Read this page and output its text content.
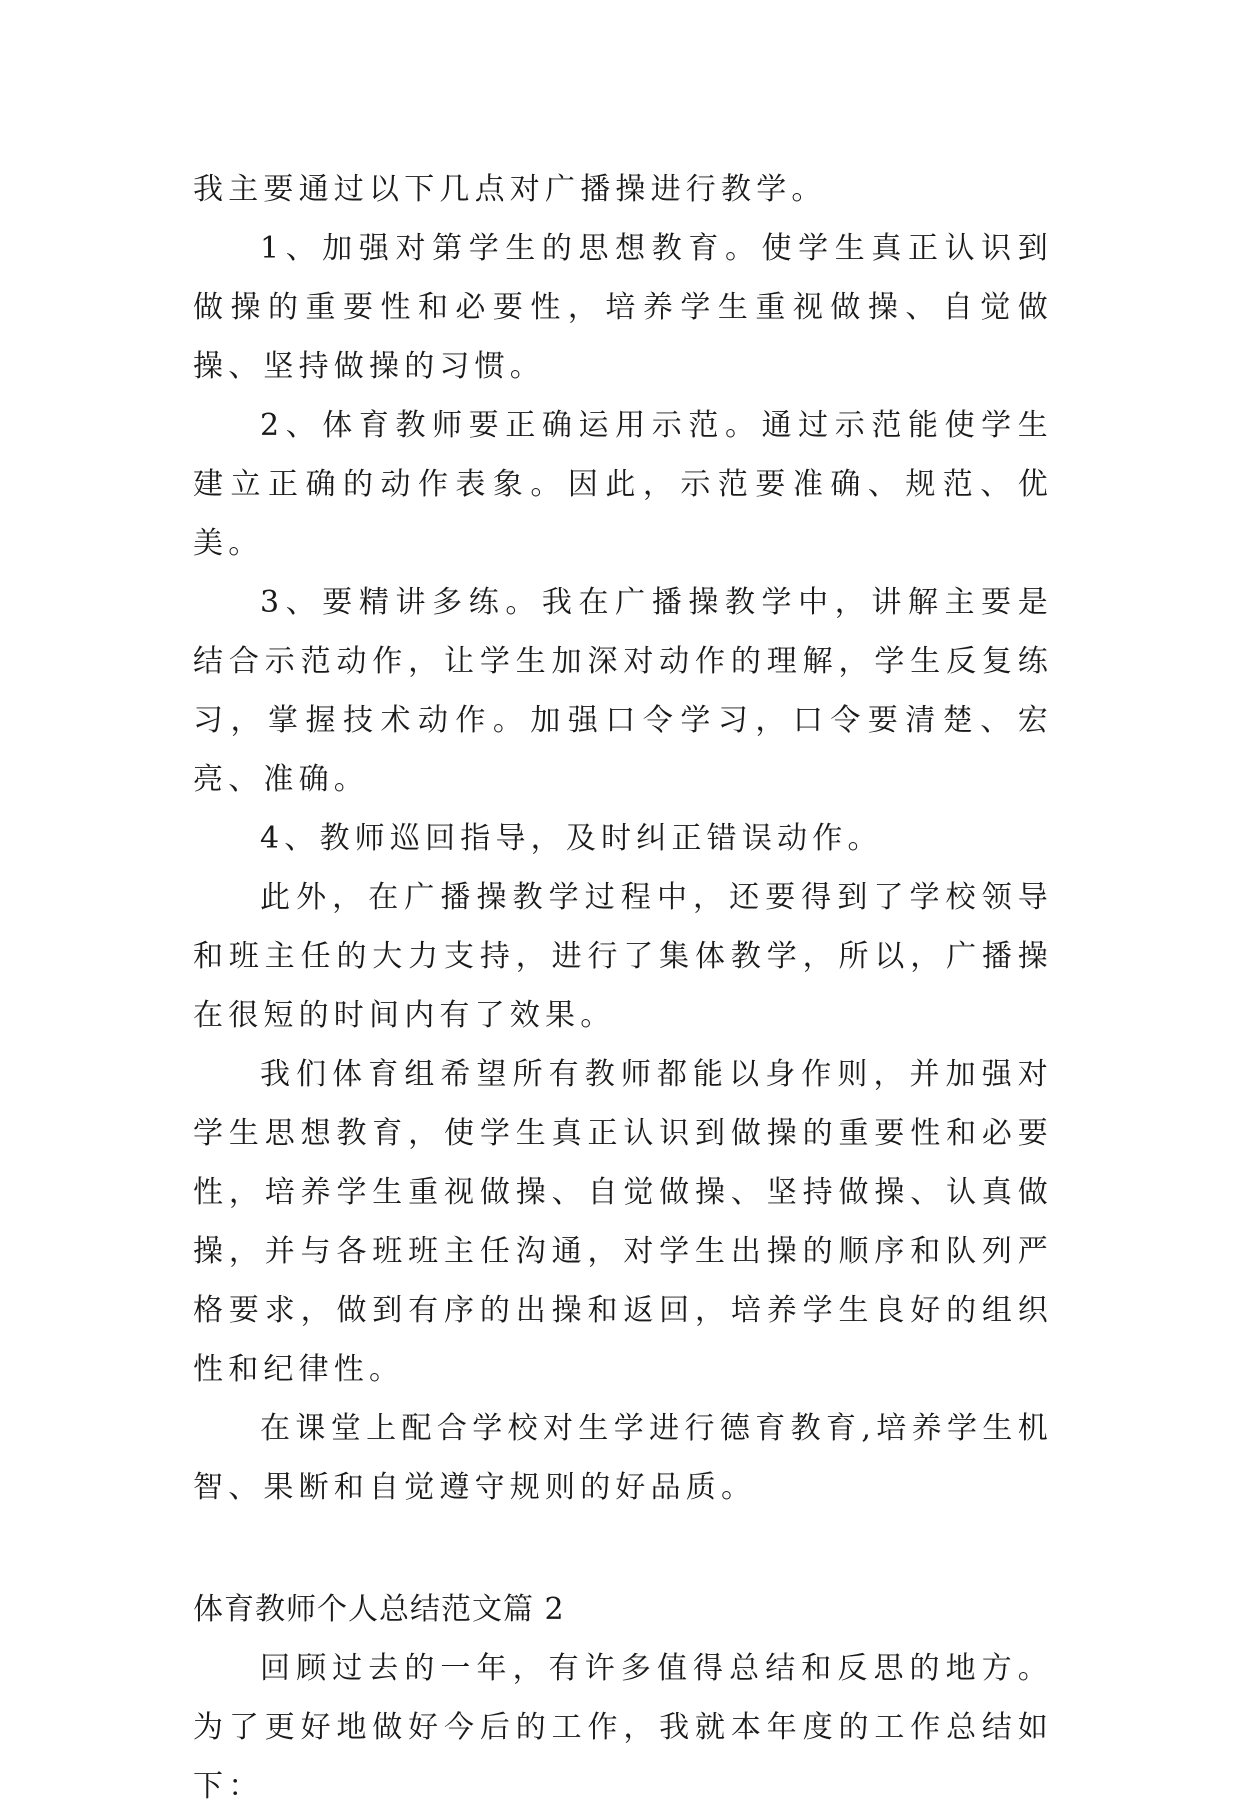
我主要通过以下几点对广播操进行教学。

1、加强对第学生的思想教育。使学生真正认识到做操的重要性和必要性，培养学生重视做操、自觉做操、坚持做操的习惯。

2、体育教师要正确运用示范。通过示范能使学生建立正确的动作表象。因此，示范要准确、规范、优美。

3、要精讲多练。我在广播操教学中，讲解主要是结合示范动作，让学生加深对动作的理解，学生反复练习，掌握技术动作。加强口令学习，口令要清楚、宏亮、准确。

4、教师巡回指导，及时纠正错误动作。

此外，在广播操教学过程中，还要得到了学校领导和班主任的大力支持，进行了集体教学，所以，广播操在很短的时间内有了效果。

我们体育组希望所有教师都能以身作则，并加强对学生思想教育，使学生真正认识到做操的重要性和必要性，培养学生重视做操、自觉做操、坚持做操、认真做操，并与各班班主任沟通，对学生出操的顺序和队列严格要求，做到有序的出操和返回，培养学生良好的组织性和纪律性。

在课堂上配合学校对生学进行德育教育,培养学生机智、果断和自觉遵守规则的好品质。

体育教师个人总结范文篇 2

回顾过去的一年，有许多值得总结和反思的地方。为了更好地做好今后的工作，我就本年度的工作总结如下：
